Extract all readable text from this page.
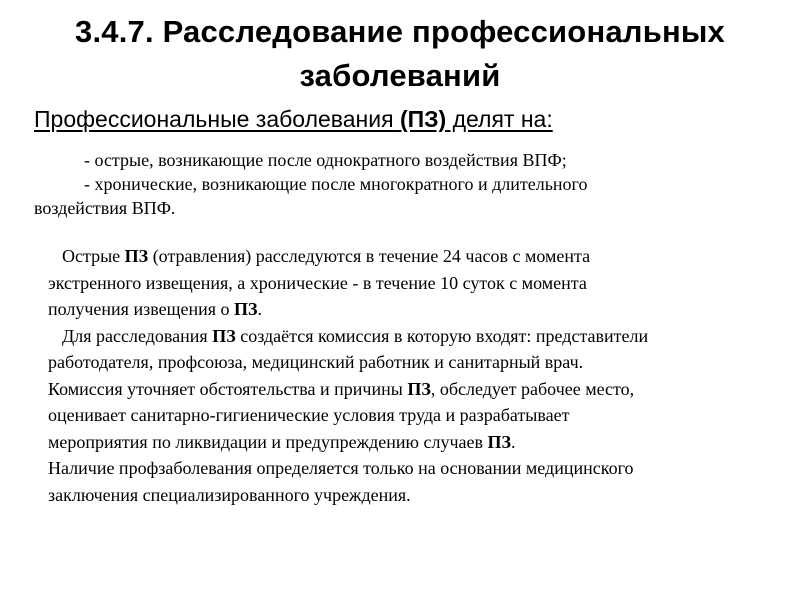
3.4.7. Расследование профессиональных
заболеваний
Профессиональные заболевания (ПЗ) делят на:

- острые, возникающие после однократного воздействия ВПФ;

- хронические, возникающие после многократного и длительного

воздействия ВПФ.

Острые ПЗ (отравления) расследуются в течение 24 часов с момента
экстренного извещения, а хронические - в течение 10 суток с момента
получения извещения о ПЗ.
Для расследования ПЗ создаётся комиссия в которую входят: представители
работодателя, профсоюза, медицинский работник и санитарный врач.
Комиссия уточняет обстоятельства и причины ПЗ, обследует рабочее место,
оценивает санитарно-гигиенические условия труда и разрабатывает
мероприятия по ликвидации и предупреждению случаев ПЗ.
Наличие профзаболевания определяется только на основании медицинского
заключения специализированного учреждения.
